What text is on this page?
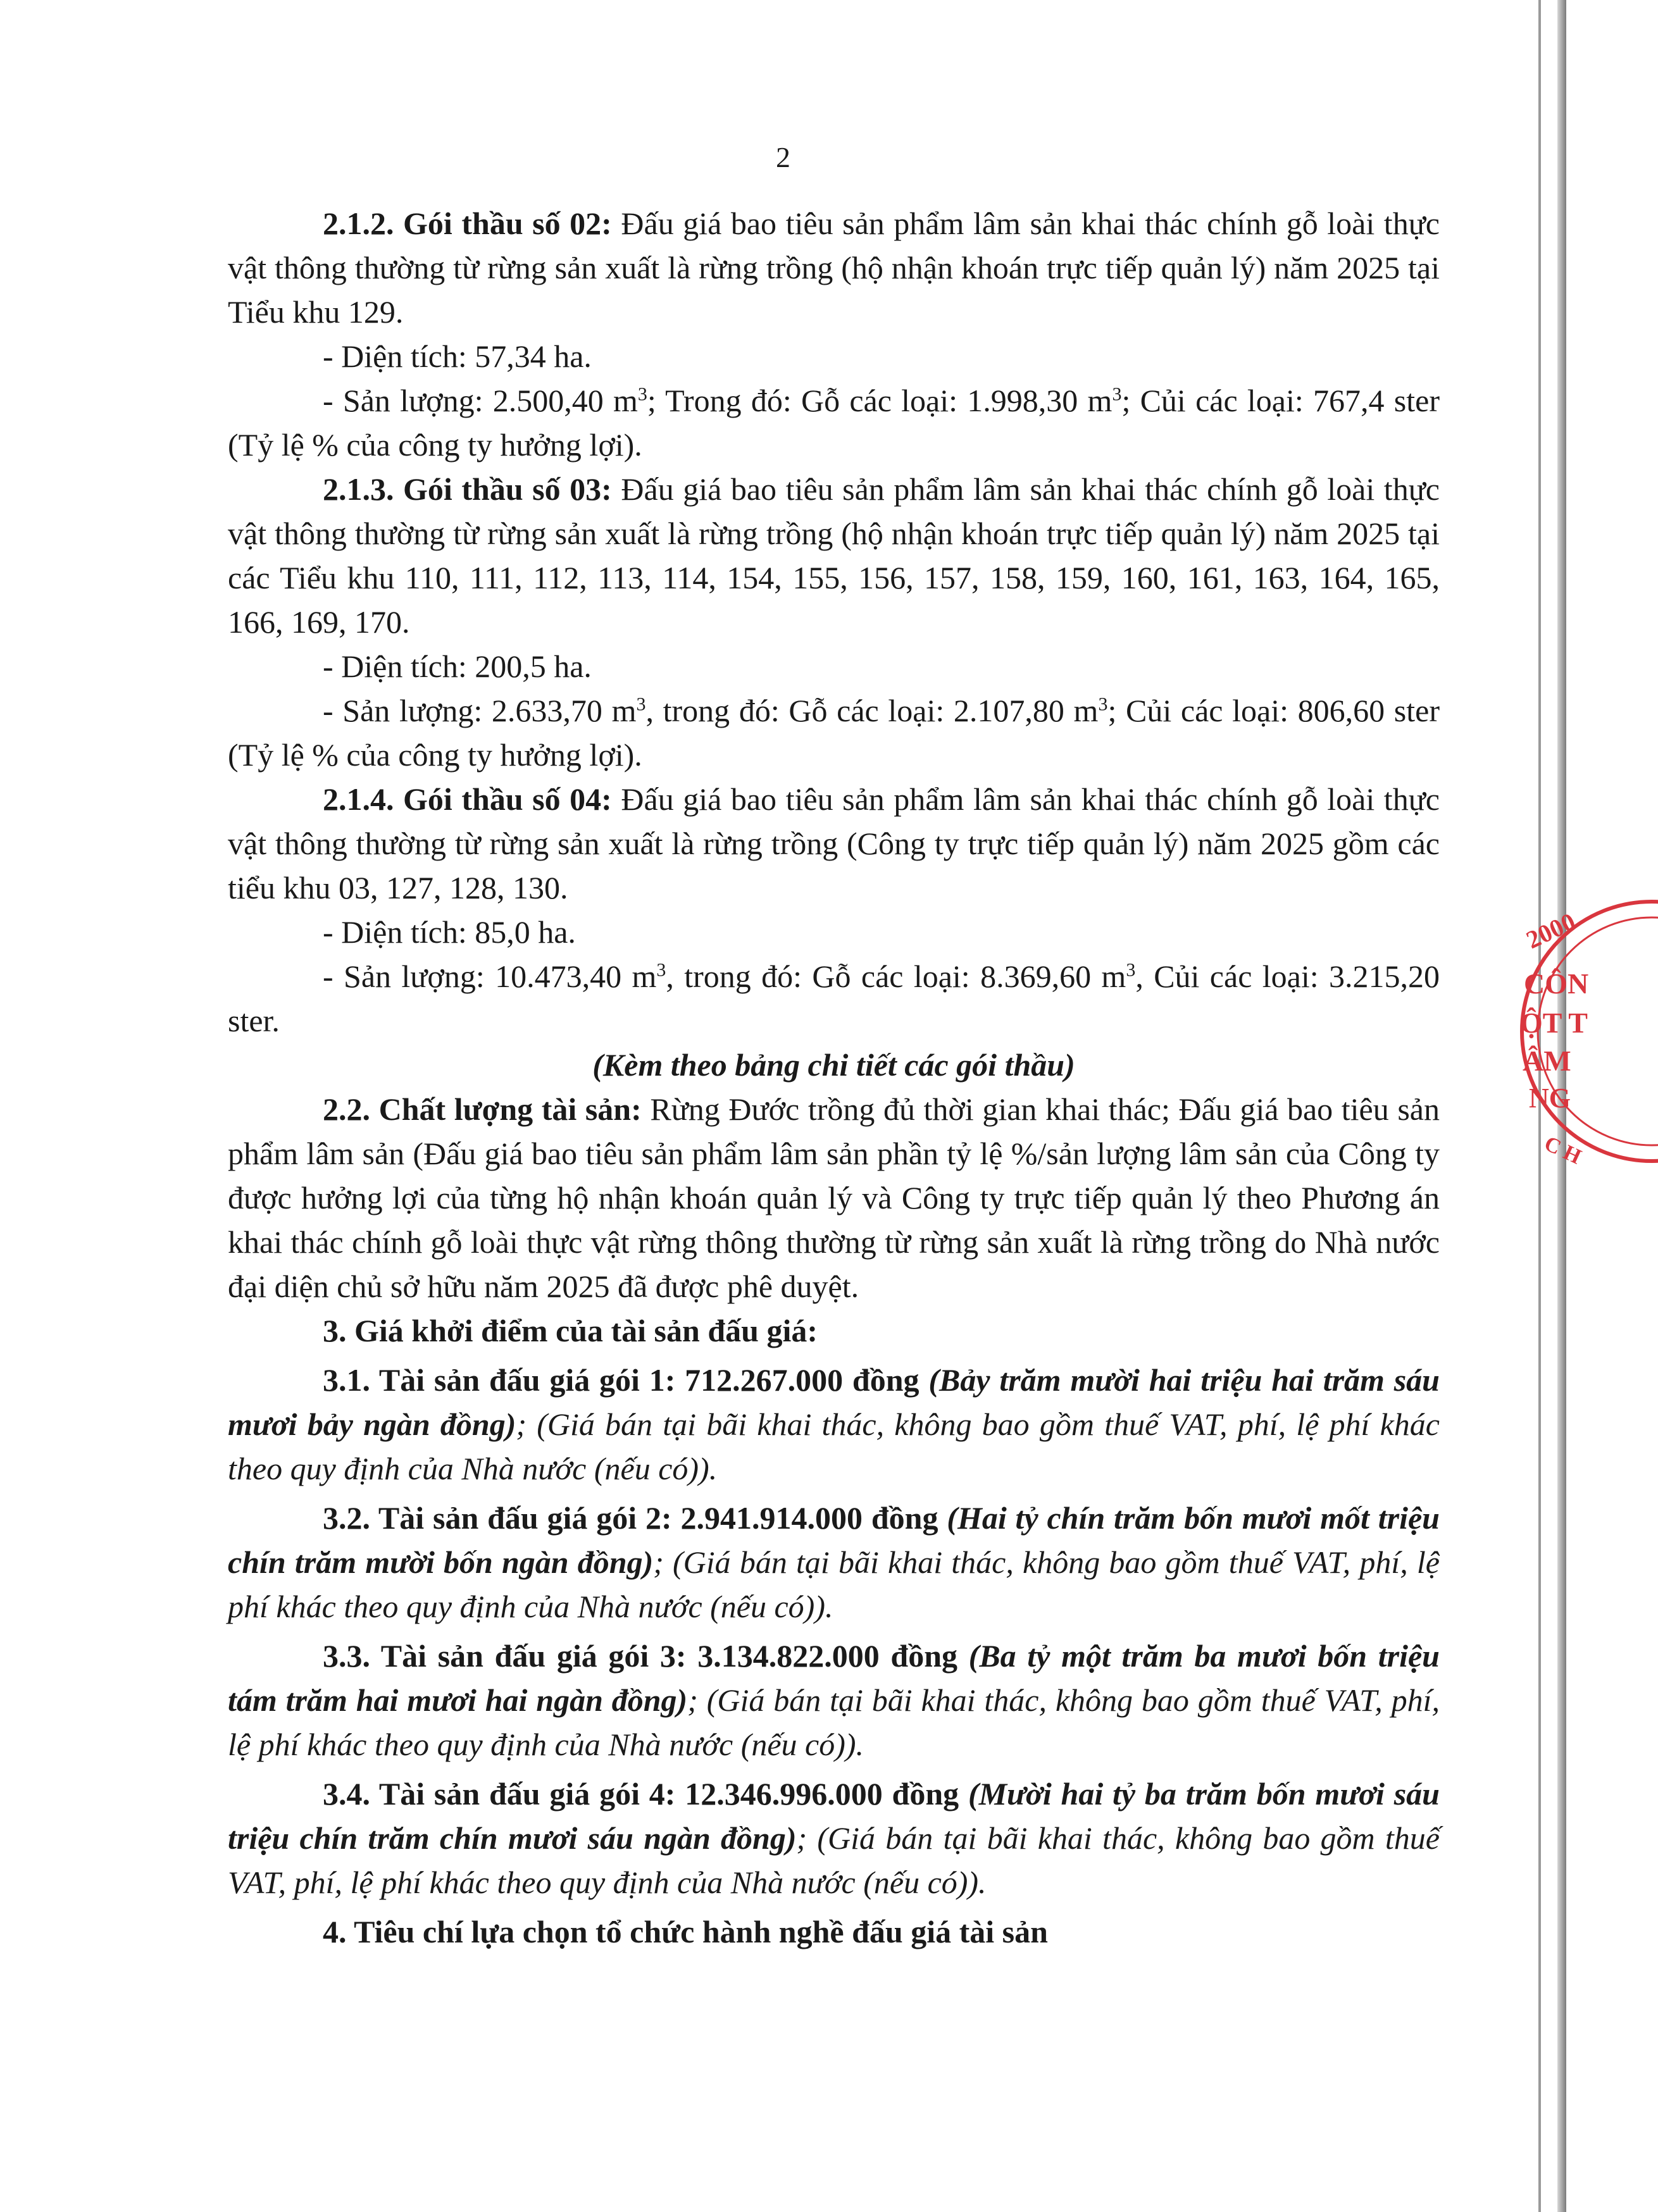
2

2.1.2. Gói thầu số 02: Đấu giá bao tiêu sản phẩm lâm sản khai thác chính gỗ loài thực vật thông thường từ rừng sản xuất là rừng trồng (hộ nhận khoán trực tiếp quản lý) năm 2025 tại Tiểu khu 129.

- Diện tích: 57,34 ha.

- Sản lượng: 2.500,40 $m^3$; Trong đó: Gỗ các loại: 1.998,30 $m^3$; Củi các loại: 767,4 ster (Tỷ lệ % của công ty hưởng lợi).

2.1.3. Gói thầu số 03: Đấu giá bao tiêu sản phẩm lâm sản khai thác chính gỗ loài thực vật thông thường từ rừng sản xuất là rừng trồng (hộ nhận khoán trực tiếp quản lý) năm 2025 tại các Tiểu khu 110, 111, 112, 113, 114, 154, 155, 156, 157, 158, 159, 160, 161, 163, 164, 165, 166, 169, 170.

- Diện tích: 200,5 ha.

- Sản lượng: 2.633,70 $m^3$, trong đó: Gỗ các loại: 2.107,80 $m^3$; Củi các loại: 806,60 ster (Tỷ lệ % của công ty hưởng lợi).

2.1.4. Gói thầu số 04: Đấu giá bao tiêu sản phẩm lâm sản khai thác chính gỗ loài thực vật thông thường từ rừng sản xuất là rừng trồng (Công ty trực tiếp quản lý) năm 2025 gồm các tiểu khu 03, 127, 128, 130.

- Diện tích: 85,0 ha.

- Sản lượng: 10.473,40 $m^3$, trong đó: Gỗ các loại: 8.369,60 $m^3$, Củi các loại: 3.215,20 ster.

(Kèm theo bảng chi tiết các gói thầu)

2.2. Chất lượng tài sản: Rừng Đước trồng đủ thời gian khai thác; Đấu giá bao tiêu sản phẩm lâm sản (Đấu giá bao tiêu sản phẩm lâm sản phần tỷ lệ %/sản lượng lâm sản của Công ty được hưởng lợi của từng hộ nhận khoán quản lý và Công ty trực tiếp quản lý theo Phương án khai thác chính gỗ loài thực vật rừng thông thường từ rừng sản xuất là rừng trồng do Nhà nước đại diện chủ sở hữu năm 2025 đã được phê duyệt.

3. Giá khởi điểm của tài sản đấu giá:

3.1. Tài sản đấu giá gói 1: 712.267.000 đồng (Bảy trăm mười hai triệu hai trăm sáu mươi bảy ngàn đồng); (Giá bán tại bãi khai thác, không bao gồm thuế VAT, phí, lệ phí khác theo quy định của Nhà nước (nếu có)).

3.2. Tài sản đấu giá gói 2: 2.941.914.000 đồng (Hai tỷ chín trăm bốn mươi mốt triệu chín trăm mười bốn ngàn đồng); (Giá bán tại bãi khai thác, không bao gồm thuế VAT, phí, lệ phí khác theo quy định của Nhà nước (nếu có)).

3.3. Tài sản đấu giá gói 3: 3.134.822.000 đồng (Ba tỷ một trăm ba mươi bốn triệu tám trăm hai mươi hai ngàn đồng); (Giá bán tại bãi khai thác, không bao gồm thuế VAT, phí, lệ phí khác theo quy định của Nhà nước (nếu có)).

3.4. Tài sản đấu giá gói 4: 12.346.996.000 đồng (Mười hai tỷ ba trăm bốn mươi sáu triệu chín trăm chín mươi sáu ngàn đồng); (Giá bán tại bãi khai thác, không bao gồm thuế VAT, phí, lệ phí khác theo quy định của Nhà nước (nếu có)).

4. Tiêu chí lựa chọn tổ chức hành nghề đấu giá tài sản

2000
CÔN
ỘT T
ÂM
NG
C H
